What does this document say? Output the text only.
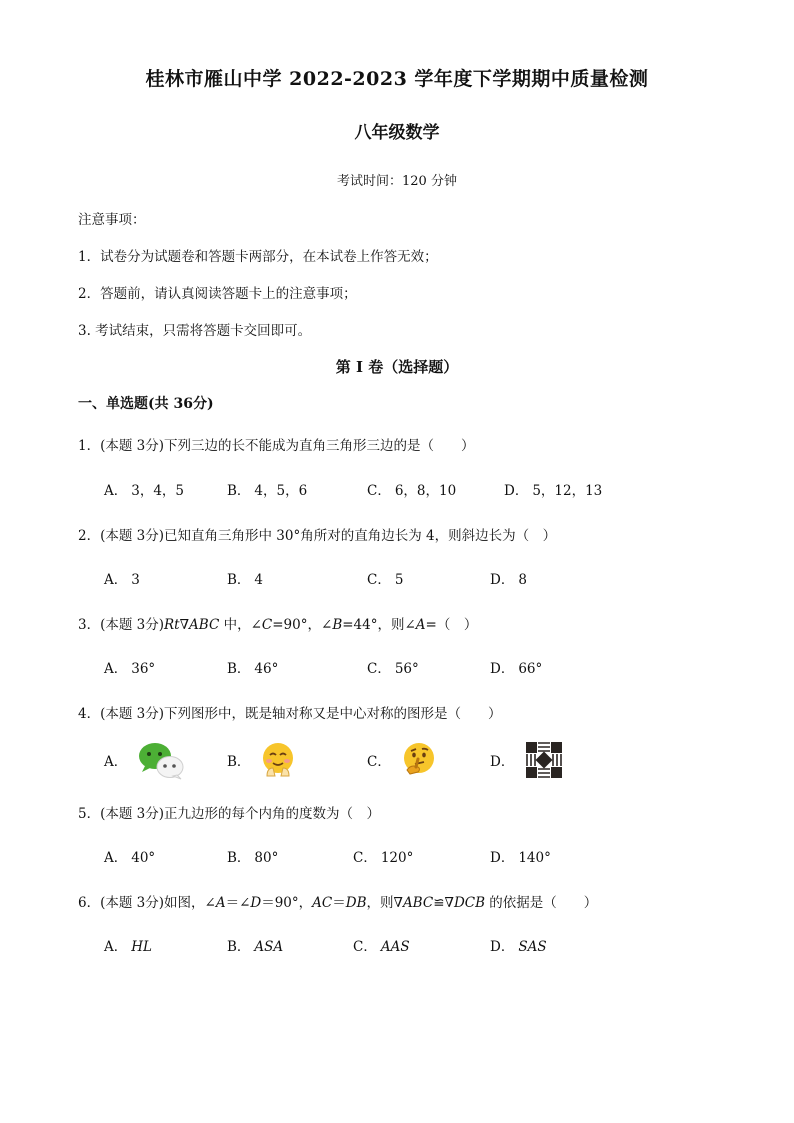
桂林市雁山中学 2022-2023 学年度下学期期中质量检测
八年级数学
考试时间：120 分钟
注意事项：
1．试卷分为试题卷和答题卡两部分，在本试卷上作答无效；
2．答题前，请认真阅读答题卡上的注意事项；
3. 考试结束，只需将答题卡交回即可。
第 I 卷（选择题）
一、单选题(共 36分)
1．(本题 3分)下列三边的长不能成为直角三角形三边的是（　　）
A． 3，4，5	B． 4，5，6	C． 6，8，10	D． 5，12，13
2．(本题 3分)已知直角三角形中 30°角所对的直角边长为 4，则斜边长为（　）
A． 3	B． 4	C． 5	D． 8
3．(本题 3分)Rt∇ABC 中，∠C=90°，∠B=44°，则∠A=（　）
A． 36°	B． 46°	C． 56°	D． 66°
4．(本题 3分)下列图形中，既是轴对称又是中心对称的图形是（　　）
A．	B．	C．	D．
5．(本题 3分)正九边形的每个内角的度数为（　）
A． 40°	B． 80°	C． 120°	D． 140°
6．(本题 3分)如图，∠A＝∠D＝90°，AC＝DB，则∇ABC≌∇DCB 的依据是（　　）
A． HL	B． ASA	C． AAS	D． SAS
